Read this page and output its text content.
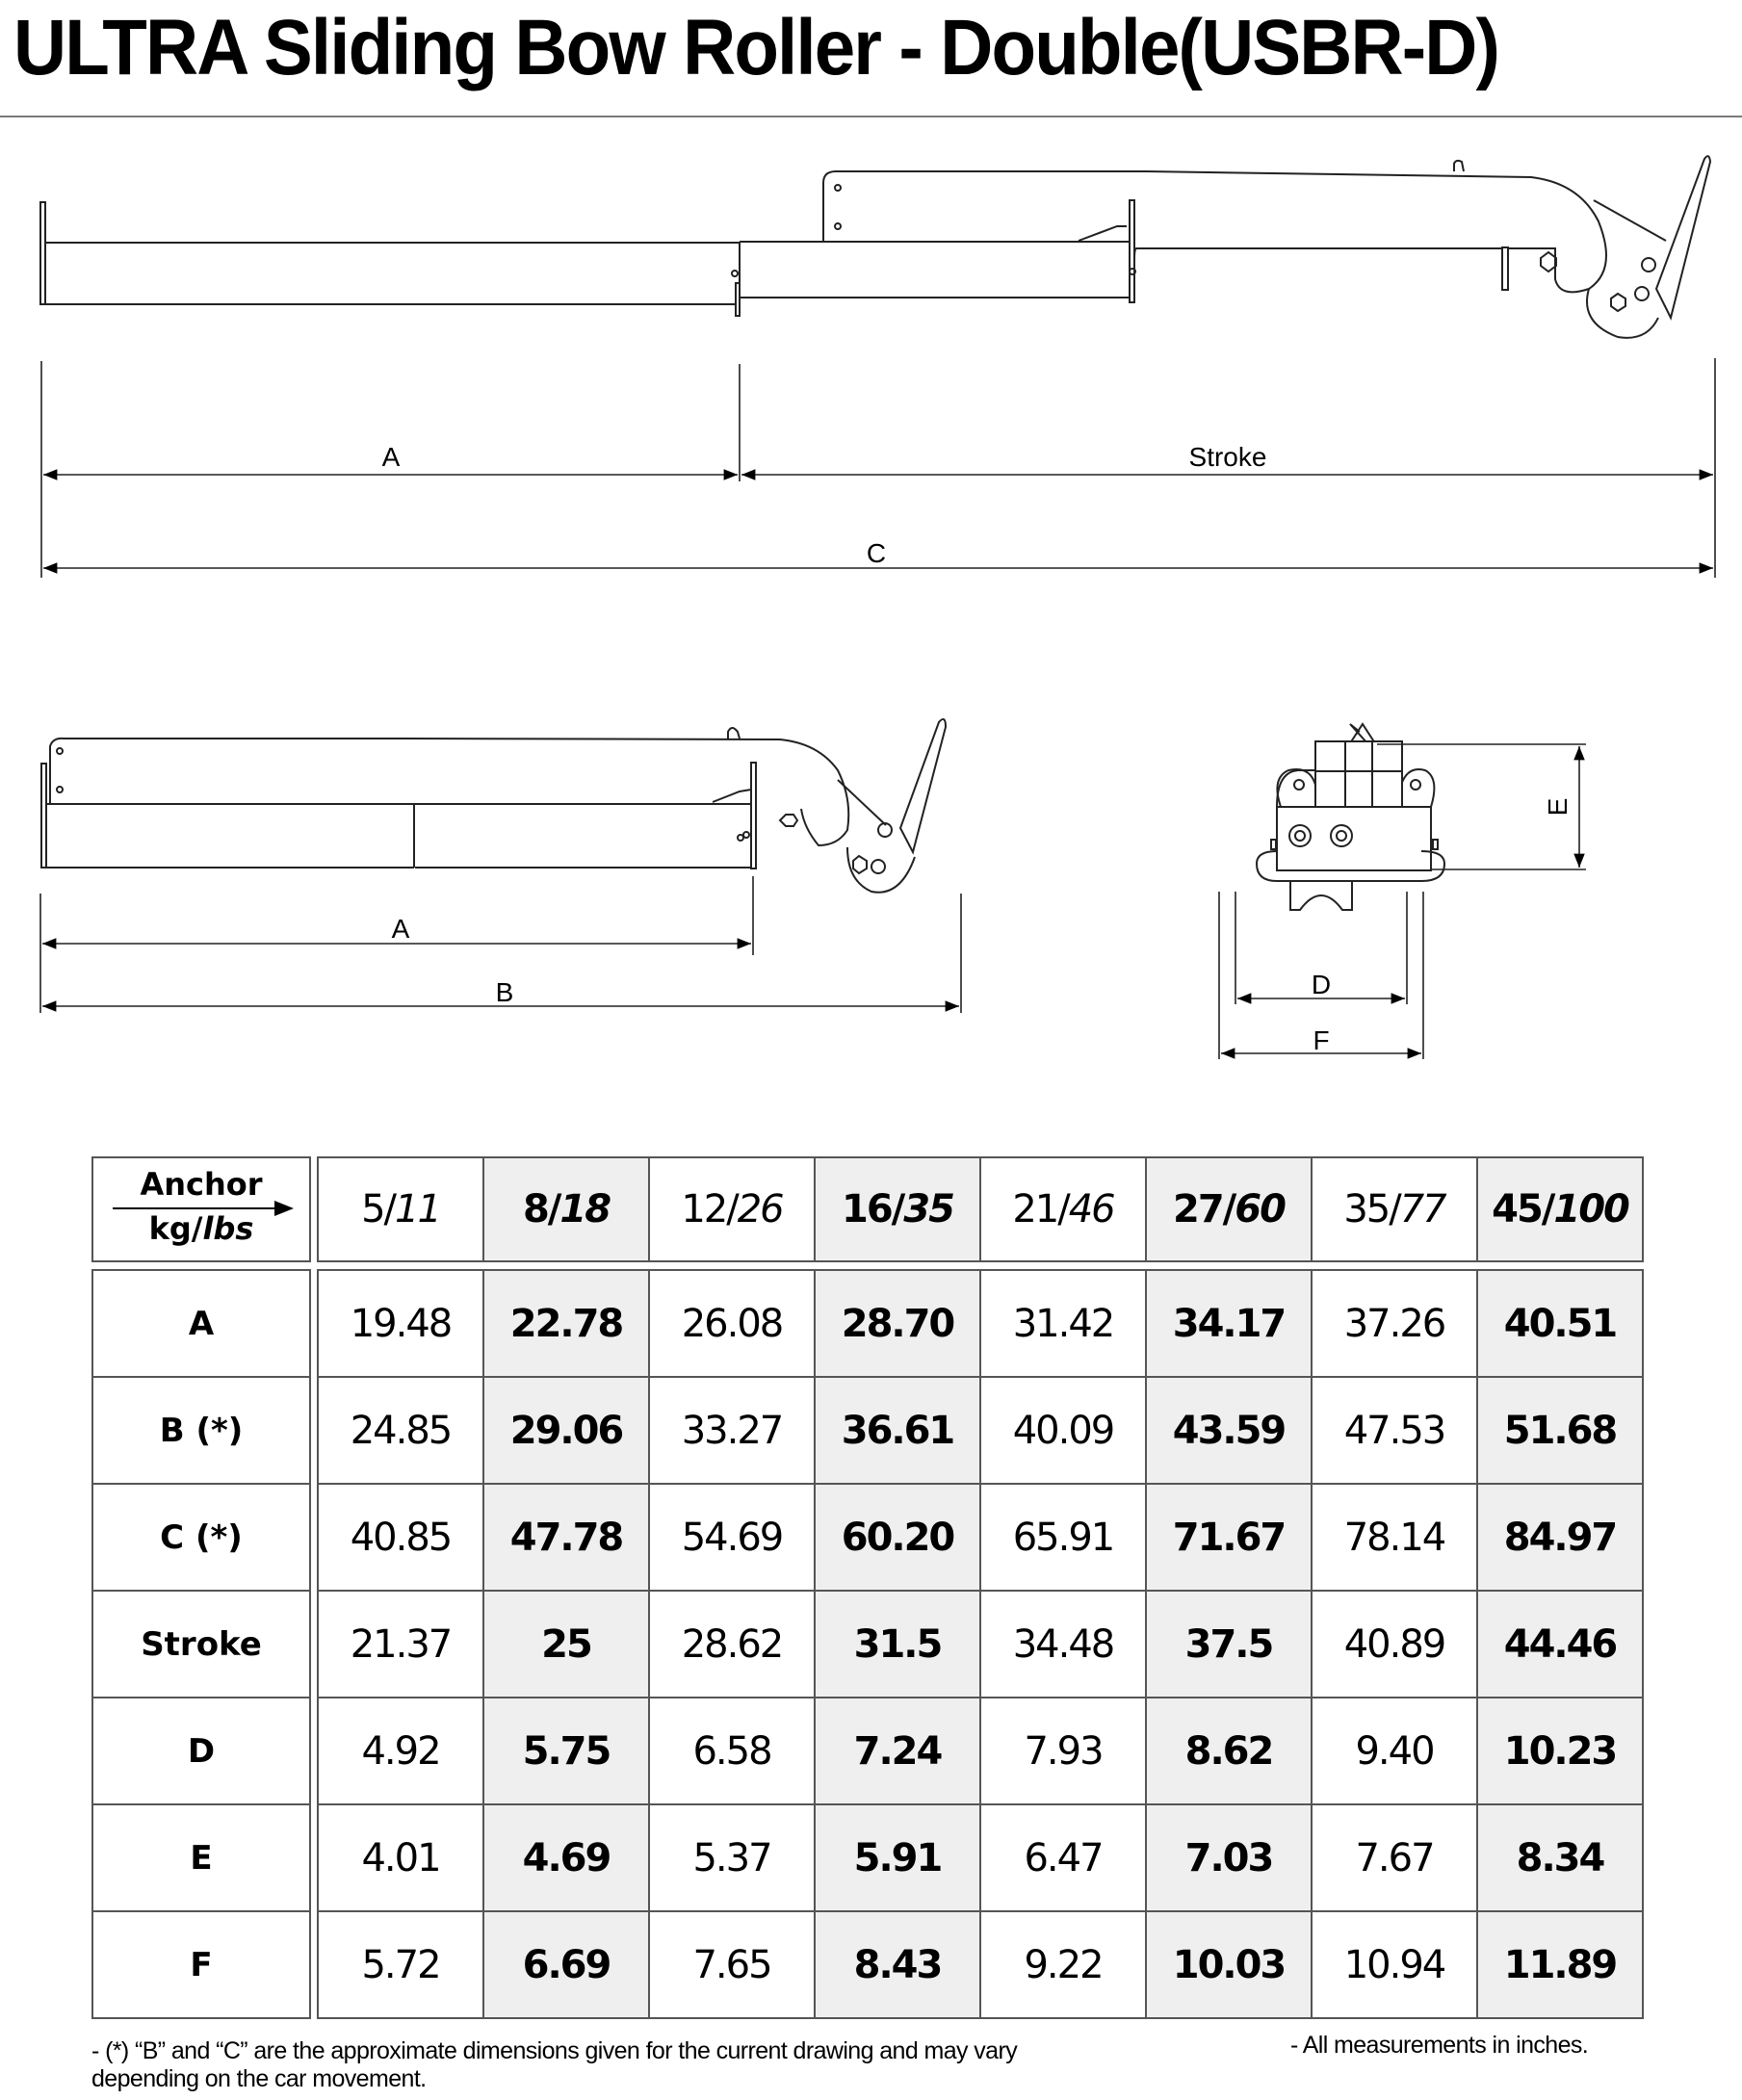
ULTRA Sliding Bow Roller - Double(USBR-D)
A	Stroke
C
A
B	D
F
E
Anchor
kg/lbs		5/11	8/18	12/26	16/35	21/46	27/60	35/77	45/100
A		19.48	22.78	26.08	28.70	31.42	34.17	37.26	40.51
B (*)		24.85	29.06	33.27	36.61	40.09	43.59	47.53	51.68
C (*)		40.85	47.78	54.69	60.20	65.91	71.67	78.14	84.97
Stroke		21.37	25	28.62	31.5	34.48	37.5	40.89	44.46
D		4.92	5.75	6.58	7.24	7.93	8.62	9.40	10.23
E		4.01	4.69	5.37	5.91	6.47	7.03	7.67	8.34
F		5.72	6.69	7.65	8.43	9.22	10.03	10.94	11.89
- (*) “B” and “C” are the approximate dimensions given for the current drawing and may vary depending on the car movement.
- All measurements in inches.
